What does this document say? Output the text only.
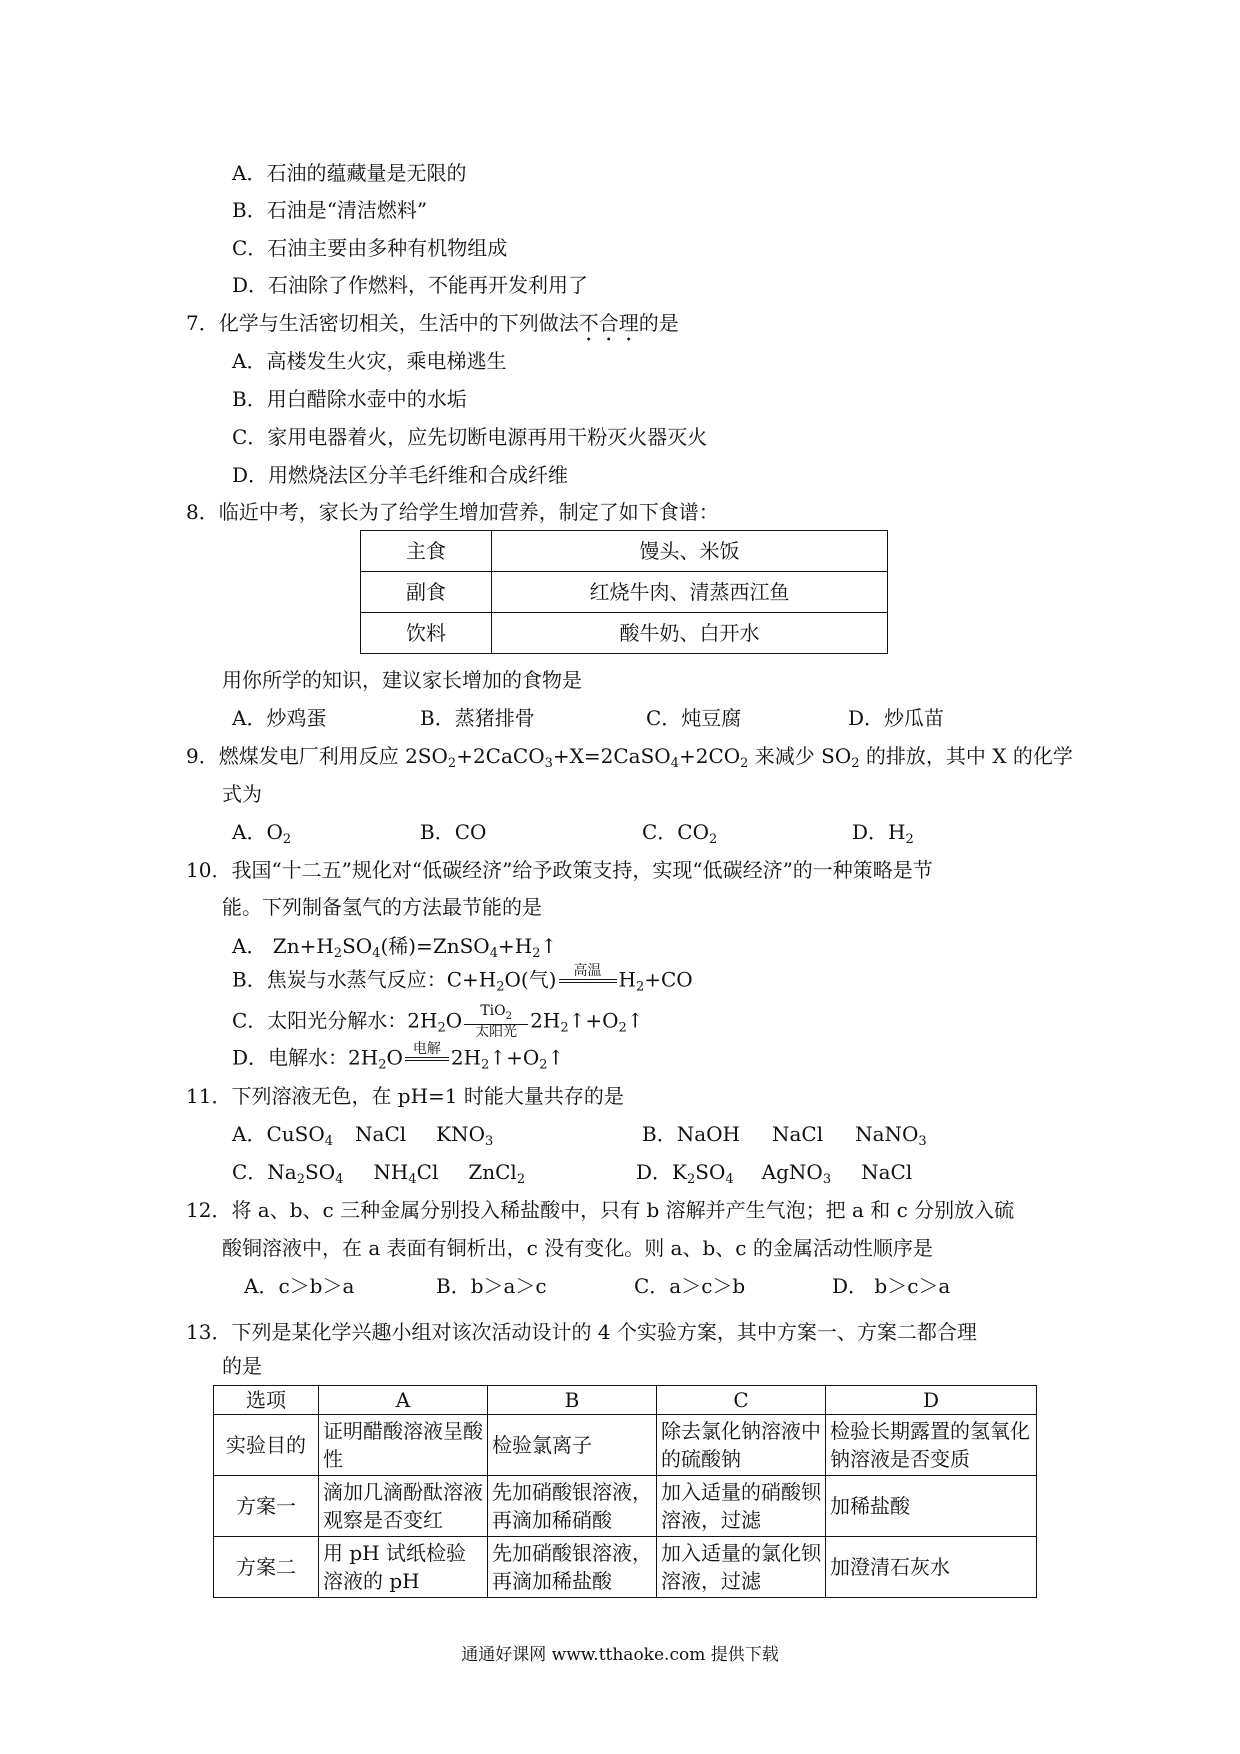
A．石油的蕴藏量是无限的
B．石油是“清洁燃料”
C．石油主要由多种有机物组成
D．石油除了作燃料，不能再开发利用了
7．化学与生活密切相关，生活中的下列做法不合理的是
A．高楼发生火灾，乘电梯逃生
B．用白醋除水壶中的水垢
C．家用电器着火，应先切断电源再用干粉灭火器灭火
D．用燃烧法区分羊毛纤维和合成纤维
8．临近中考，家长为了给学生增加营养，制定了如下食谱：
主食	馒头、米饭
副食	红烧牛肉、清蒸西江鱼
饮料	酸牛奶、白开水
用你所学的知识，建议家长增加的食物是
A．炒鸡蛋	B．蒸猪排骨	C．炖豆腐	D．炒瓜苗
9．燃煤发电厂利用反应 $2SO_2+2CaCO_3+X=2CaSO_4+2CO_2$ 来减少 $SO_2$ 的排放，其中 X 的化学
式为
A．$O_2$	B．CO	C．$CO_2$	D．$H_2$
10．我国“十二五”规化对“低碳经济”给予政策支持，实现“低碳经济”的一种策略是节
能。下列制备氢气的方法最节能的是
A． $Zn+H_2SO_4$(稀)$=ZnSO_4+H_2↑$
B．焦炭与水蒸气反应：$C+H_2O$(气)	高温
$H_2+CO$
C．太阳光分解水：$2H_2O$	TiO$_2$
太阳光 $2H_2↑+O_2↑$
D．电解水：$2H_2O$ 电解
$2H_2↑+O_2↑$
11．下列溶液无色，在 pH=1 时能大量共存的是
A．CuSO$_4$ NaCl $KNO_3$	B．NaOH NaCl NaNO$_3$
C．$Na_2SO_4$ $NH_4Cl$ ZnCl$_2$	D．$K_2SO_4$ AgNO$_3$ NaCl
12．将 a、b、c 三种金属分别投入稀盐酸中，只有 b 溶解并产生气泡；把 a 和 c 分别放入硫
酸铜溶液中，在 a 表面有铜析出，c 没有变化。则 a、b、c 的金属活动性顺序是
A．c＞b＞a	B．b＞a＞c	C．a＞c＞b	D． b＞c＞a
13．下列是某化学兴趣小组对该次活动设计的 4 个实验方案，其中方案一、方案二都合理
的是
选项	A	B	C	D
实验目的	证明醋酸溶液呈酸性	检验氯离子	除去氯化钠溶液中的硫酸钠	检验长期露置的氢氧化钠溶液是否变质
方案一	滴加几滴酚酞溶液观察是否变红	先加硝酸银溶液，再滴加稀硝酸	加入适量的硝酸钡溶液，过滤	加稀盐酸
方案二	用 pH 试纸检验溶液的 pH	先加硝酸银溶液，再滴加稀盐酸	加入适量的氯化钡溶液，过滤	加澄清石灰水
通通好课网 www.tthaoke.com 提供下载
